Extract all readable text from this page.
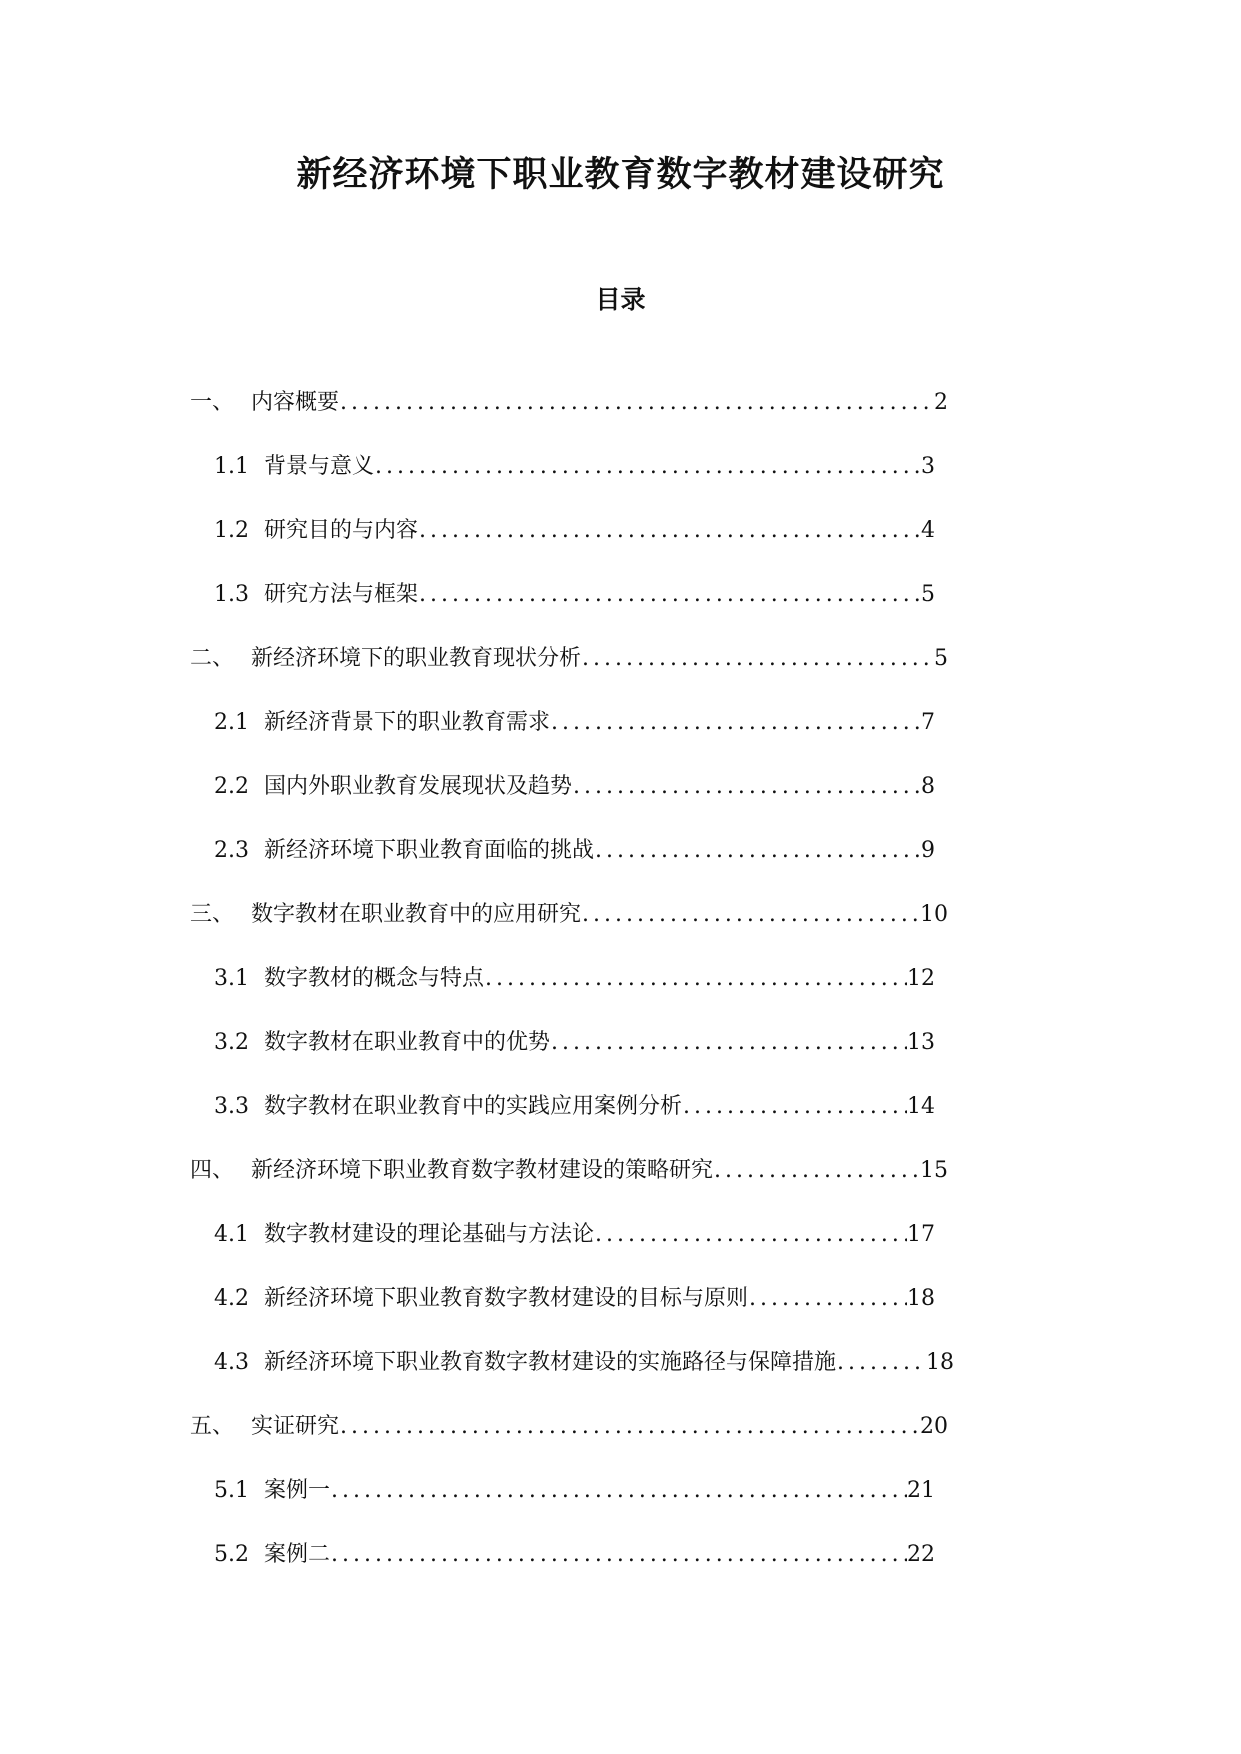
新经济环境下职业教育数字教材建设研究
目录
一、 内容概要 .....	2
1.1 背景与意义 .....	3
1.2 研究目的与内容 .....	4
1.3 研究方法与框架 .....	5
二、 新经济环境下的职业教育现状分析 .....	5
2.1 新经济背景下的职业教育需求 .....	7
2.2 国内外职业教育发展现状及趋势 .....	8
2.3 新经济环境下职业教育面临的挑战 .....	9
三、 数字教材在职业教育中的应用研究 .....	10
3.1 数字教材的概念与特点 .....	12
3.2 数字教材在职业教育中的优势 .....	13
3.3 数字教材在职业教育中的实践应用案例分析 .....	14
四、 新经济环境下职业教育数字教材建设的策略研究 .....	15
4.1 数字教材建设的理论基础与方法论 .....	17
4.2 新经济环境下职业教育数字教材建设的目标与原则 .....	18
4.3 新经济环境下职业教育数字教材建设的实施路径与保障措施 .....	18
五、 实证研究 .....	20
5.1 案例一 .....	21
5.2 案例二 .....	22
